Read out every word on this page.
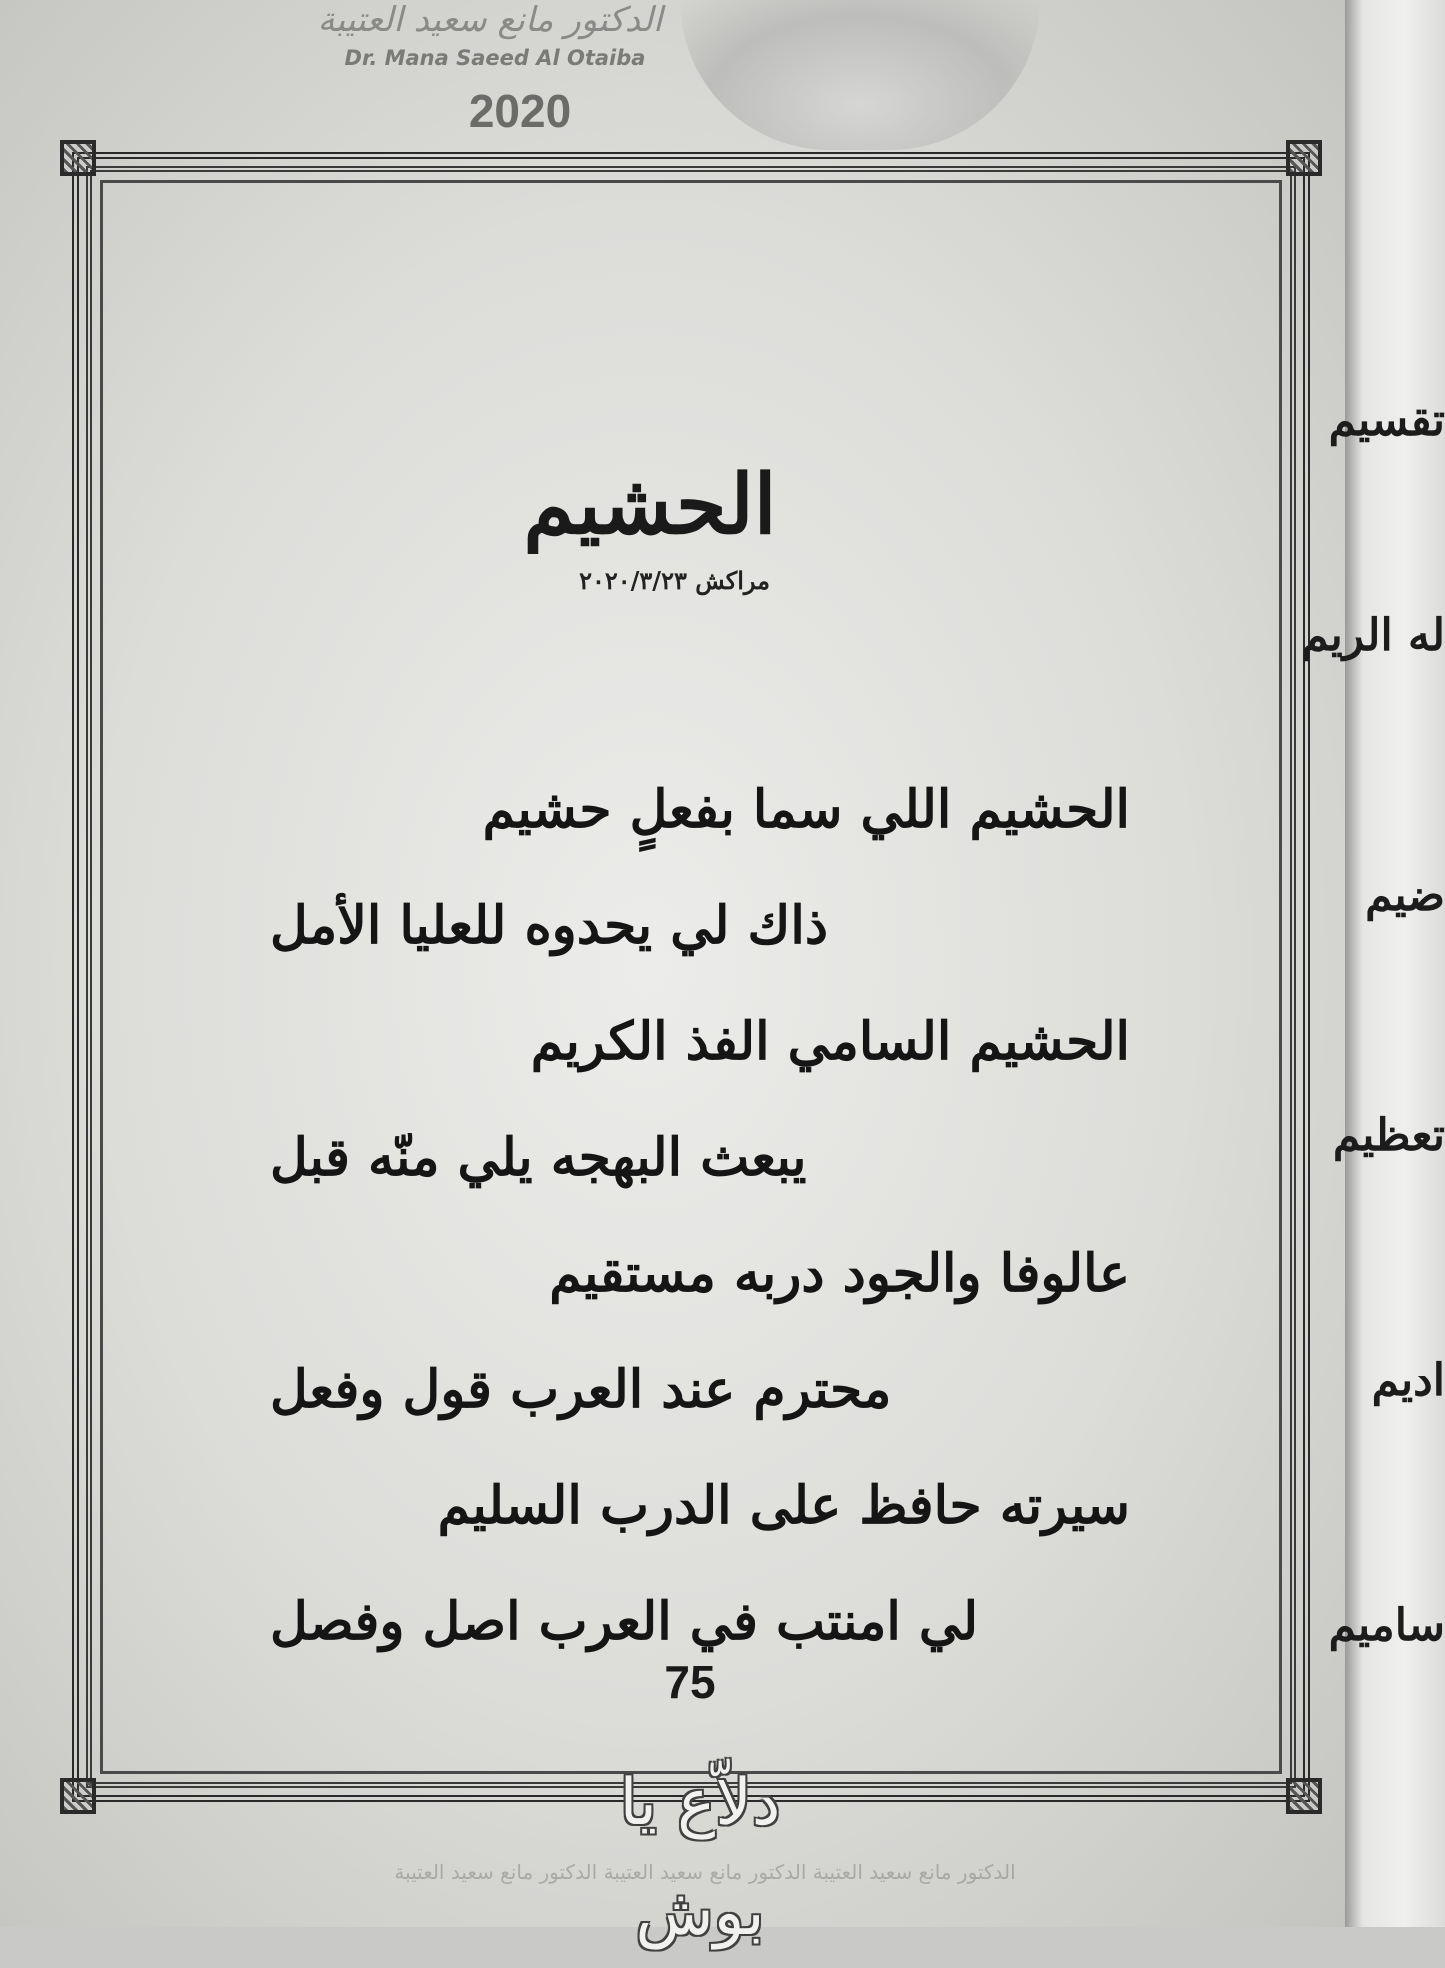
الدكتور مانع سعيد العتيبة
Dr. Mana Saeed Al Otaiba
2020
الحشيم
مراكش ٢٠٢٠/٣/٢٣
الحشيم اللي سما بفعلٍ حشيم
ذاك لي يحدوه للعليا الأمل
الحشيم السامي الفذ الكريم
يبعث البهجه يلي منّه قبل
عالوفا والجود دربه مستقيم
محترم عند العرب قول وفعل
سيرته حافظ على الدرب السليم
لي امنتب في العرب اصل وفصل
75
دلاّع يا بوش
الدكتور مانع سعيد العتيبة الدكتور مانع سعيد العتيبة الدكتور مانع سعيد العتيبة
تقسيم
له الريم
ضيم
تعظيم
اديم
ساميم
